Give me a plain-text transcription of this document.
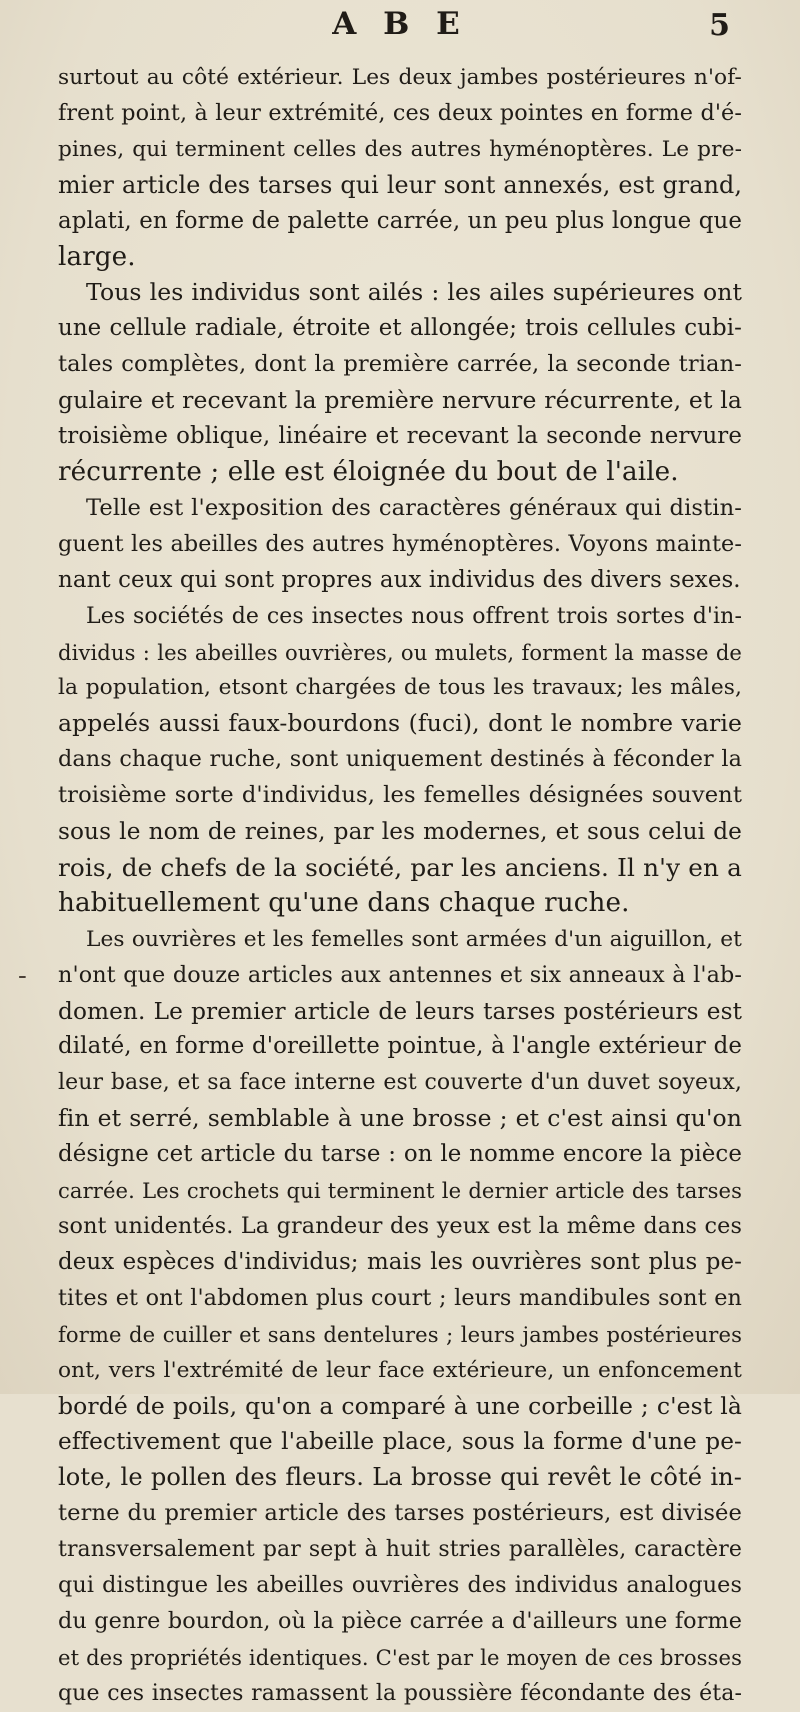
A B E	5
-
surtout au côté extérieur. Les deux jambes postérieures n'of-
frent point, à leur extrémité, ces deux pointes en forme d'é-
pines, qui terminent celles des autres hyménoptères. Le pre-
mier article des tarses qui leur sont annexés, est grand,
aplati, en forme de palette carrée, un peu plus longue que
large.
Tous les individus sont ailés : les ailes supérieures ont
une cellule radiale, étroite et allongée; trois cellules cubi-
tales complètes, dont la première carrée, la seconde trian-
gulaire et recevant la première nervure récurrente, et la
troisième oblique, linéaire et recevant la seconde nervure
récurrente ; elle est éloignée du bout de l'aile.
Telle est l'exposition des caractères généraux qui distin-
guent les abeilles des autres hyménoptères. Voyons mainte-
nant ceux qui sont propres aux individus des divers sexes.
Les sociétés de ces insectes nous offrent trois sortes d'in-
dividus : les abeilles ouvrières, ou mulets, forment la masse de
la population, etsont chargées de tous les travaux; les mâles,
appelés aussi faux-bourdons (fuci), dont le nombre varie
dans chaque ruche, sont uniquement destinés à féconder la
troisième sorte d'individus, les femelles désignées souvent
sous le nom de reines, par les modernes, et sous celui de
rois, de chefs de la société, par les anciens. Il n'y en a
habituellement qu'une dans chaque ruche.
Les ouvrières et les femelles sont armées d'un aiguillon, et
n'ont que douze articles aux antennes et six anneaux à l'ab-
domen. Le premier article de leurs tarses postérieurs est
dilaté, en forme d'oreillette pointue, à l'angle extérieur de
leur base, et sa face interne est couverte d'un duvet soyeux,
fin et serré, semblable à une brosse ; et c'est ainsi qu'on
désigne cet article du tarse : on le nomme encore la pièce
carrée. Les crochets qui terminent le dernier article des tarses
sont unidentés. La grandeur des yeux est la même dans ces
deux espèces d'individus; mais les ouvrières sont plus pe-
tites et ont l'abdomen plus court ; leurs mandibules sont en
forme de cuiller et sans dentelures ; leurs jambes postérieures
ont, vers l'extrémité de leur face extérieure, un enfoncement
bordé de poils, qu'on a comparé à une corbeille ; c'est là
effectivement que l'abeille place, sous la forme d'une pe-
lote, le pollen des fleurs. La brosse qui revêt le côté in-
terne du premier article des tarses postérieurs, est divisée
transversalement par sept à huit stries parallèles, caractère
qui distingue les abeilles ouvrières des individus analogues
du genre bourdon, où la pièce carrée a d'ailleurs une forme
et des propriétés identiques. C'est par le moyen de ces brosses
que ces insectes ramassent la poussière fécondante des éta-
